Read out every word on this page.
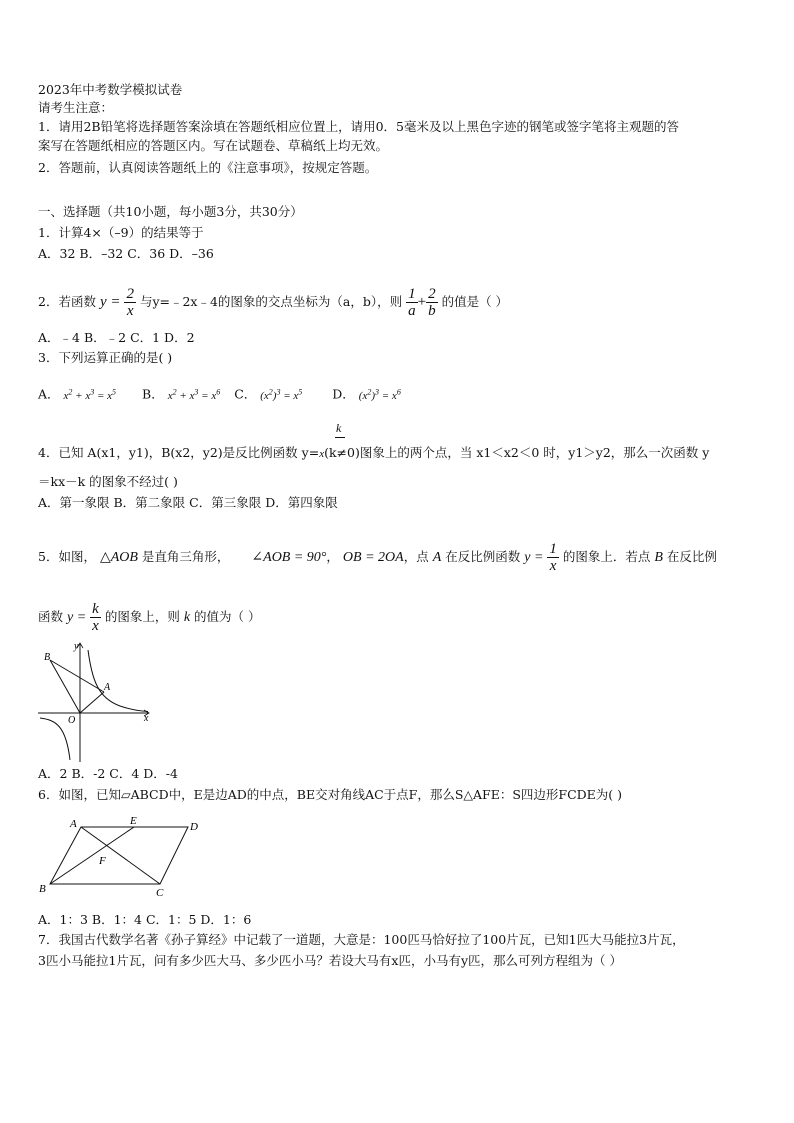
2023年中考数学模拟试卷
请考生注意：
1．请用2B铅笔将选择题答案涂填在答题纸相应位置上，请用0．5毫米及以上黑色字迹的钢笔或签字笔将主观题的答
案写在答题纸相应的答题区内。写在试题卷、草稿纸上均无效。
2．答题前，认真阅读答题纸上的《注意事项》，按规定答题。
一、选择题（共10小题，每小题3分，共30分）
1．计算4×（–9）的结果等于
A．32 B．–32 C．36 D．–36
2．若函数 $y = \frac{2}{x}$ 与y=﹣2x﹣4的图象的交点坐标为（a，b），则 $\frac{1}{a} + \frac{2}{b}$ 的值是（ ）
A．﹣4 B．﹣2 C．1 D．2
3．下列运算正确的是( )
A． $x^2 + x^3 = x^5$ B． $x^2 + x^3 = x^6$ C． $(x^2)^3 = x^5$ D． $(x^2)^3 = x^6$
k
4．已知 A(x1，y1)，B(x2，y2)是反比例函数 y=x(k≠0)图象上的两个点，当 x1＜x2＜0 时，y1＞y2，那么一次函数 y
＝kx－k 的图象不经过( )
A．第一象限 B．第二象限 C．第三象限 D．第四象限
5．如图， △AOB 是直角三角形， ∠AOB = 90°， OB = 2OA，点 A 在反比例函数 $y = \frac{1}{x}$ 的图象上．若点 B 在反比例
函数 $y = \frac{k}{x}$ 的图象上，则 k 的值为（ ）
B
y
A
O	x
A．2 B．-2 C．4 D．-4
6．如图，已知▱ABCD中，E是边AD的中点，BE交对角线AC于点F，那么S△AFE：S四边形FCDE为( )
A	E	D
F
B	C
A．1：3 B．1：4 C．1：5 D．1：6
7．我国古代数学名著《孙子算经》中记载了一道题，大意是：100匹马恰好拉了100片瓦，已知1匹大马能拉3片瓦，
3匹小马能拉1片瓦，问有多少匹大马、多少匹小马？若设大马有x匹，小马有y匹，那么可列方程组为（ ）
